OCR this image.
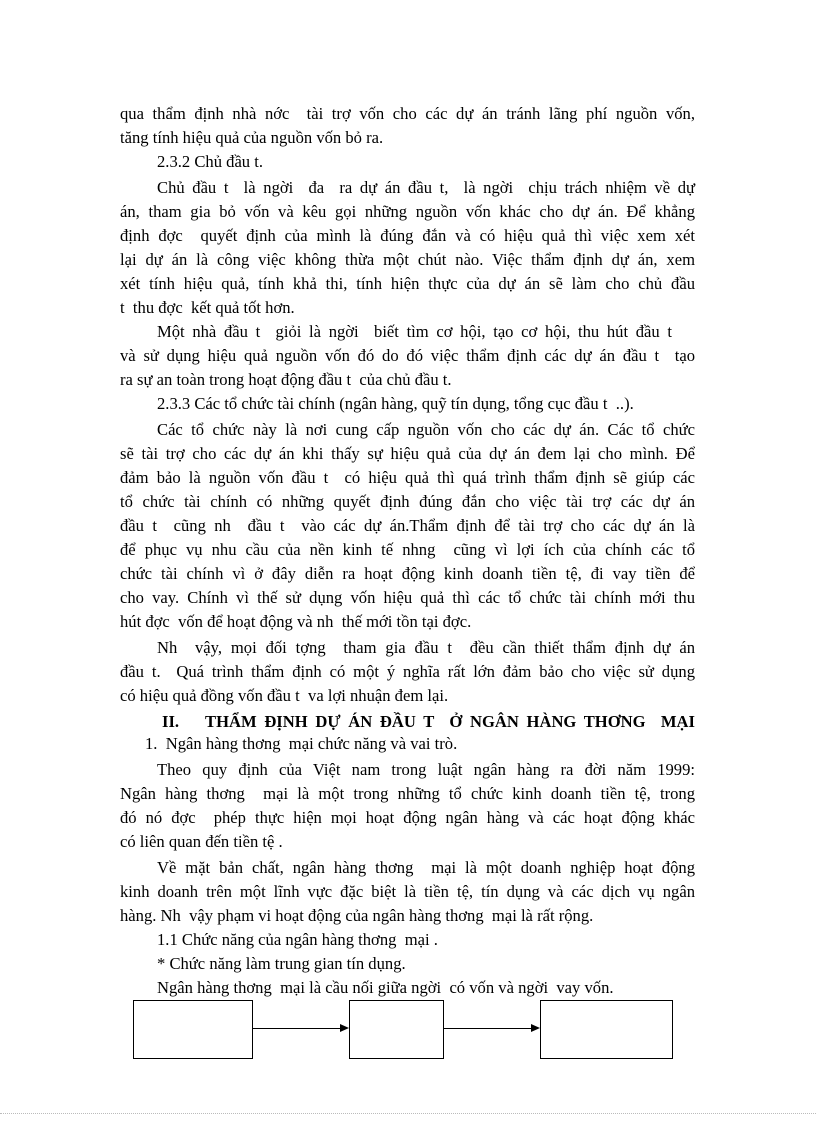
qua thẩm định nhà nớc  tài trợ vốn cho các dự án tránh lãng phí nguồn vốn,
tăng tính hiệu quả của nguồn vốn bỏ ra.
2.3.2 Chủ đầu t.
Chủ đầu t  là ngời  đa  ra dự án đầu t,  là ngời  chịu trách nhiệm về dự
án, tham gia bỏ vốn và kêu gọi những nguồn vốn khác cho dự án. Để khẳng
định đợc  quyết định của mình là đúng đắn và có hiệu quả thì việc xem xét
lại dự án là công việc không thừa một chút nào. Việc thẩm định dự án, xem
xét tính hiệu quả, tính khả thi, tính hiện thực của dự án sẽ làm cho chủ đầu
t  thu đợc  kết quả tốt hơn.
Một nhà đầu t  giỏi là ngời  biết tìm cơ hội, tạo cơ hội, thu hút đầu t
và sử dụng hiệu quả nguồn vốn đó do đó việc thẩm định các dự án đầu t  tạo
ra sự an toàn trong hoạt động đầu t  của chủ đầu t.
2.3.3 Các tổ chức tài chính (ngân hàng, quỹ tín dụng, tổng cục đầu t  ..).
Các tổ chức này là nơi cung cấp nguồn vốn cho các dự án. Các tổ chức
sẽ tài trợ cho các dự án khi thấy sự hiệu quả của dự án đem lại cho mình. Để
đảm bảo là nguồn vốn đầu t  có hiệu quả thì quá trình thẩm định sẽ giúp các
tổ chức tài chính có những quyết định đúng đắn cho việc tài trợ các dự án
đầu t  cũng nh  đầu t  vào các dự án.Thẩm định để tài trợ cho các dự án là
để phục vụ nhu cầu của nền kinh tế nhng  cũng vì lợi ích của chính các tổ
chức tài chính vì ở đây diễn ra hoạt động kinh doanh tiền tệ, đi vay tiền để
cho vay. Chính vì thế sử dụng vốn hiệu quả thì các tổ chức tài chính mới thu
hút đợc  vốn để hoạt động và nh  thế mới tồn tại đợc.
Nh  vậy, mọi đối tợng  tham gia đầu t  đều cần thiết thẩm định dự án
đầu t.  Quá trình thẩm định có một ý nghĩa rất lớn đảm bảo cho việc sử dụng
có hiệu quả đồng vốn đầu t  va lợi nhuận đem lại.
II. THẨM ĐỊNH DỰ ÁN ĐẦU T  Ở NGÂN HÀNG THƠNG  MẠI
1.  Ngân hàng thơng  mại chức năng và vai trò.
Theo quy định của Việt nam trong luật ngân hàng ra đời năm 1999:
Ngân hàng thơng  mại là một trong những tổ chức kinh doanh tiền tệ, trong
đó nó đợc  phép thực hiện mọi hoạt động ngân hàng và các hoạt động khác
có liên quan đến tiền tệ .
Về mặt bản chất, ngân hàng thơng  mại là một doanh nghiệp hoạt động
kinh doanh trên một lĩnh vực đặc biệt là tiền tệ, tín dụng và các dịch vụ ngân
hàng. Nh  vậy phạm vi hoạt động của ngân hàng thơng  mại là rất rộng.
1.1 Chức năng của ngân hàng thơng  mại .
* Chức năng làm trung gian tín dụng.
Ngân hàng thơng  mại là cầu nối giữa ngời  có vốn và ngời  vay vốn.
